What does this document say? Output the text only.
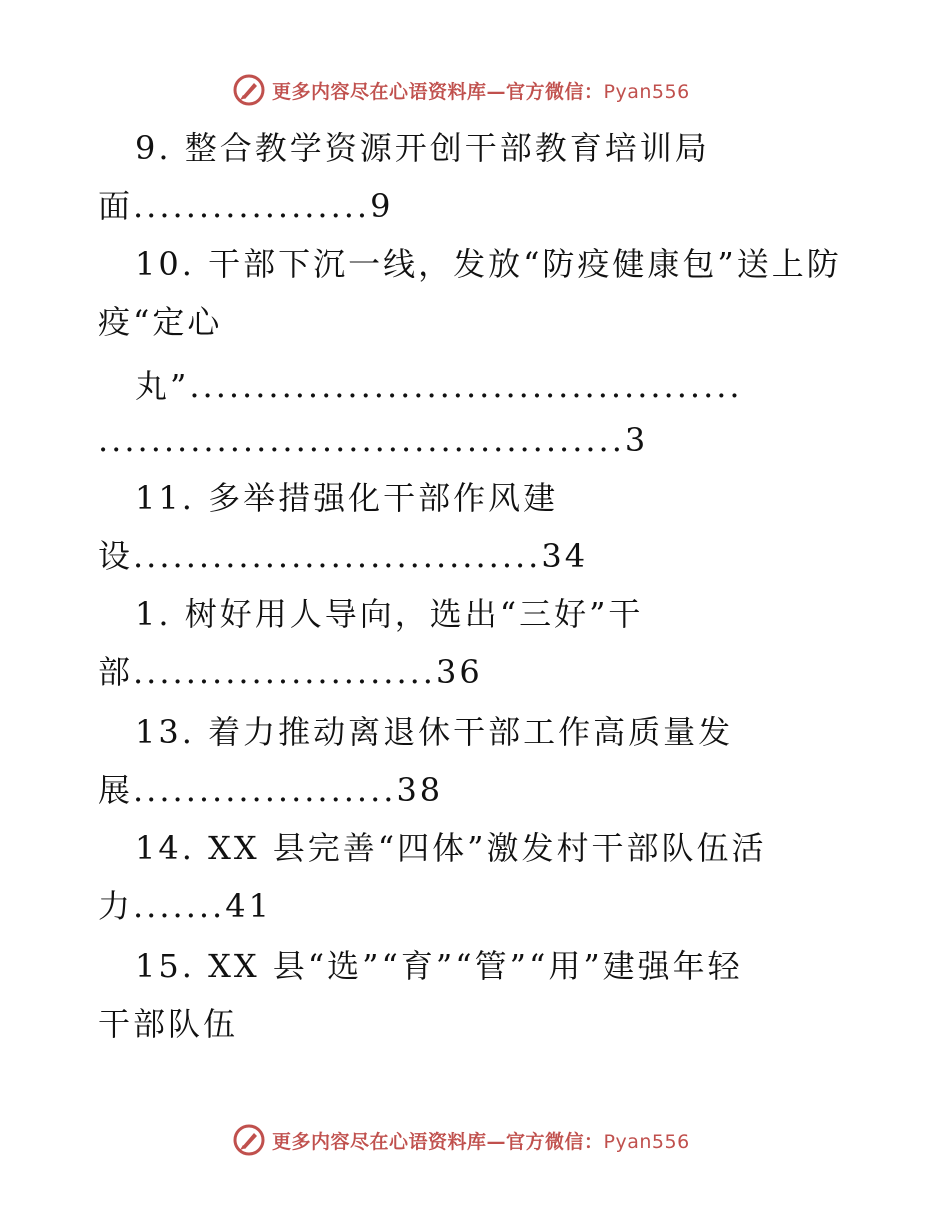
更多内容尽在心语资料库—官方微信：Pyan556
9. 整合教学资源开创干部教育培训局
面..................9
10. 干部下沉一线，发放“防疫健康包”送上防
疫“定心
丸”..........................................
........................................3
11. 多举措强化干部作风建
设...............................34
1. 树好用人导向，选出“三好”干
部.......................36
13. 着力推动离退休干部工作高质量发
展....................38
14. XX 县完善“四体”激发村干部队伍活
力.......41
15. XX 县“选”“育”“管”“用”建强年轻
干部队伍
更多内容尽在心语资料库—官方微信：Pyan556
